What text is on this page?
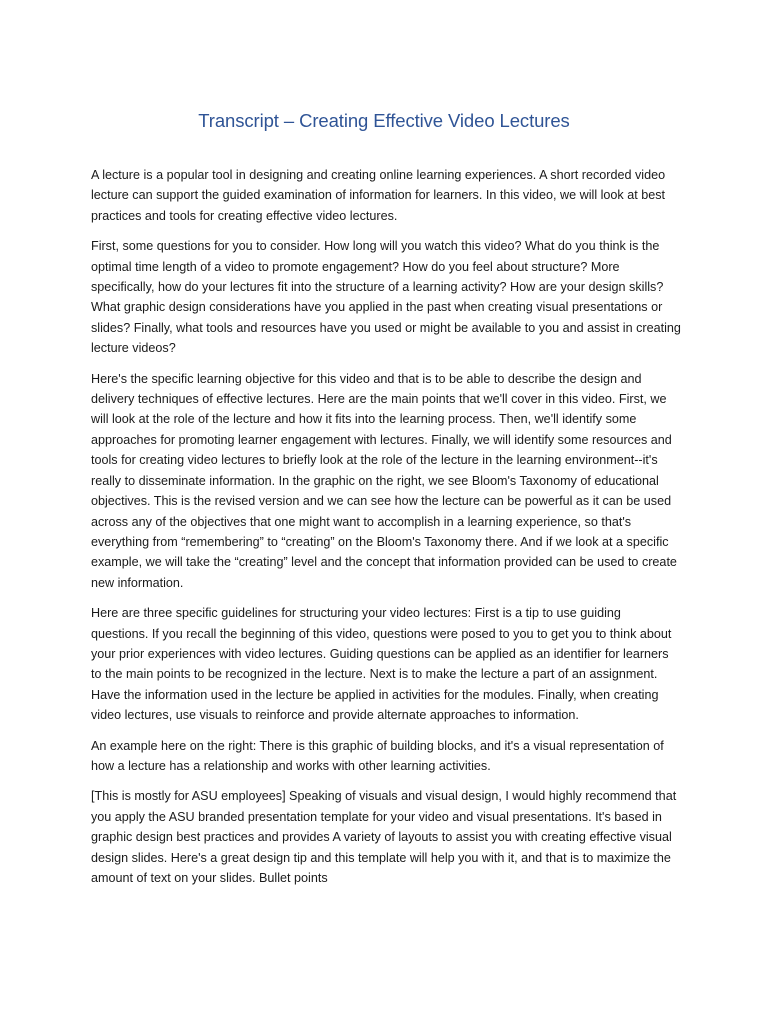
Transcript – Creating Effective Video Lectures

A lecture is a popular tool in designing and creating online learning experiences. A short recorded video lecture can support the guided examination of information for learners. In this video, we will look at best practices and tools for creating effective video lectures.

First, some questions for you to consider. How long will you watch this video? What do you think is the optimal time length of a video to promote engagement? How do you feel about structure? More specifically, how do your lectures fit into the structure of a learning activity? How are your design skills? What graphic design considerations have you applied in the past when creating visual presentations or slides? Finally, what tools and resources have you used or might be available to you and assist in creating lecture videos?

Here's the specific learning objective for this video and that is to be able to describe the design and delivery techniques of effective lectures. Here are the main points that we'll cover in this video. First, we will look at the role of the lecture and how it fits into the learning process. Then, we'll identify some approaches for promoting learner engagement with lectures. Finally, we will identify some resources and tools for creating video lectures to briefly look at the role of the lecture in the learning environment--it's really to disseminate information. In the graphic on the right, we see Bloom's Taxonomy of educational objectives. This is the revised version and we can see how the lecture can be powerful as it can be used across any of the objectives that one might want to accomplish in a learning experience, so that's everything from “remembering” to “creating” on the Bloom's Taxonomy there. And if we look at a specific example, we will take the “creating” level and the concept that information provided can be used to create new information.

Here are three specific guidelines for structuring your video lectures: First is a tip to use guiding questions. If you recall the beginning of this video, questions were posed to you to get you to think about your prior experiences with video lectures. Guiding questions can be applied as an identifier for learners to the main points to be recognized in the lecture. Next is to make the lecture a part of an assignment. Have the information used in the lecture be applied in activities for the modules. Finally, when creating video lectures, use visuals to reinforce and provide alternate approaches to information.

An example here on the right: There is this graphic of building blocks, and it's a visual representation of how a lecture has a relationship and works with other learning activities.

[This is mostly for ASU employees] Speaking of visuals and visual design, I would highly recommend that you apply the ASU branded presentation template for your video and visual presentations. It's based in graphic design best practices and provides A variety of layouts to assist you with creating effective visual design slides. Here's a great design tip and this template will help you with it, and that is to maximize the amount of text on your slides. Bullet points
